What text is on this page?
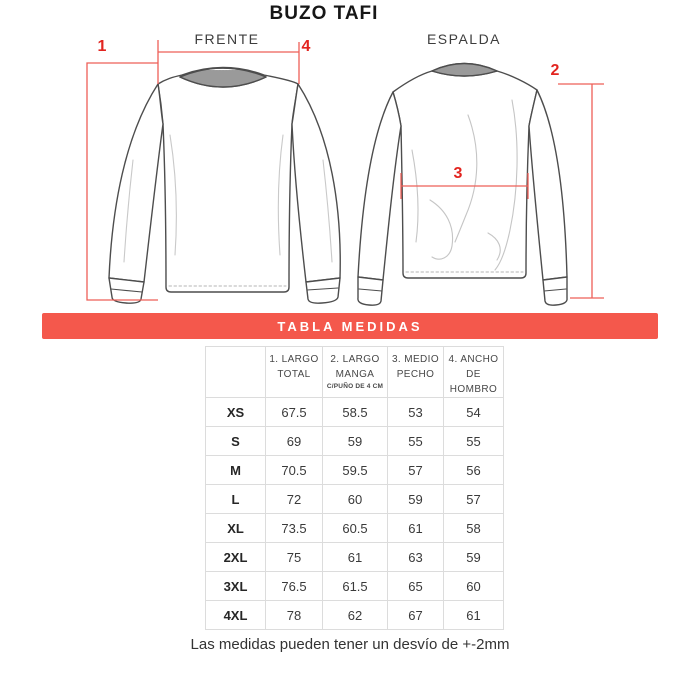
BUZO TAFI
FRENTE	ESPALDA
1	4
2
3
TABLA MEDIDAS

1. LARGO
TOTAL

2. LARGO
MANGA
C/PUÑO DE 4 CM

3. MEDIO
PECHO

4. ANCHO
DE HOMBRO

XS	67.5	58.5	53	54
S	69	59	55	55
M	70.5	59.5	57	56
L	72	60	59	57
XL	73.5	60.5	61	58
2XL	75	61	63	59
3XL	76.5	61.5	65	60
4XL	78	62	67	61
Las medidas pueden tener un desvío de +-2mm
